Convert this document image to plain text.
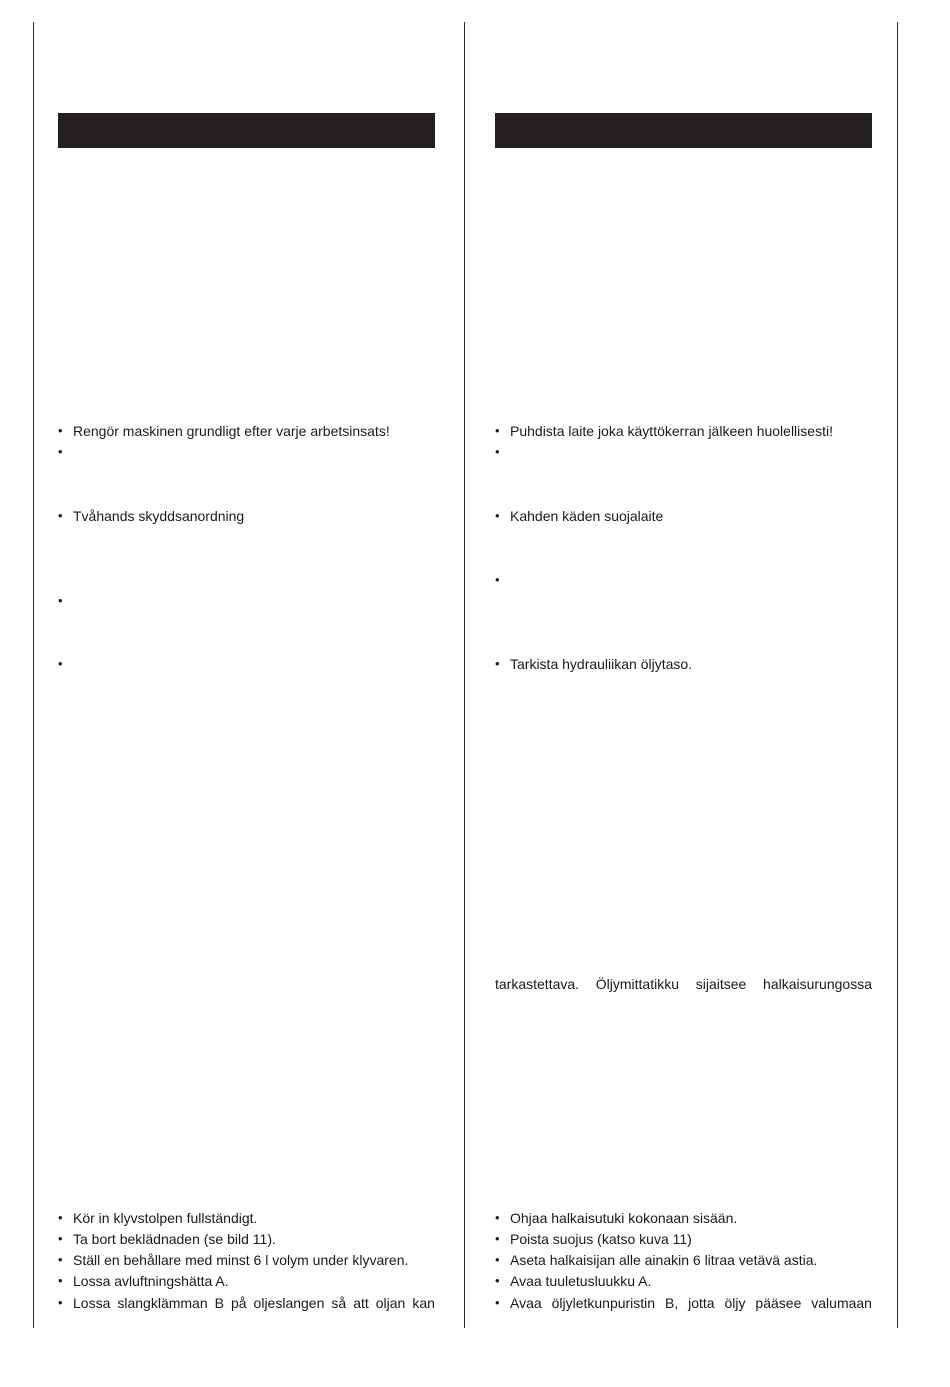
• Rengör maskinen grundligt efter varje arbetsinsats!
•
• Tvåhands skyddsanordning
•
•
• Puhdista laite joka käyttökerran jälkeen huolellisesti!
•
• Kahden käden suojalaite
•
• Tarkista hydrauliikan öljytaso.
tarkastettava. Öljymittatikku sijaitsee halkaisurungossa
• Kör in klyvstolpen fullständigt.
• Ta bort beklädnaden (se bild 11).
• Ställ en behållare med minst 6 l volym under klyvaren.
• Lossa avluftningshätta A.
• Lossa slangklämman B på oljeslangen så att oljan kan
• Ohjaa halkaisutuki kokonaan sisään.
• Poista suojus (katso kuva 11)
• Aseta halkaisijan alle ainakin 6 litraa vetävä astia.
• Avaa tuuletusluukku A.
• Avaa öljyletkunpuristin B, jotta öljy pääsee valumaan
